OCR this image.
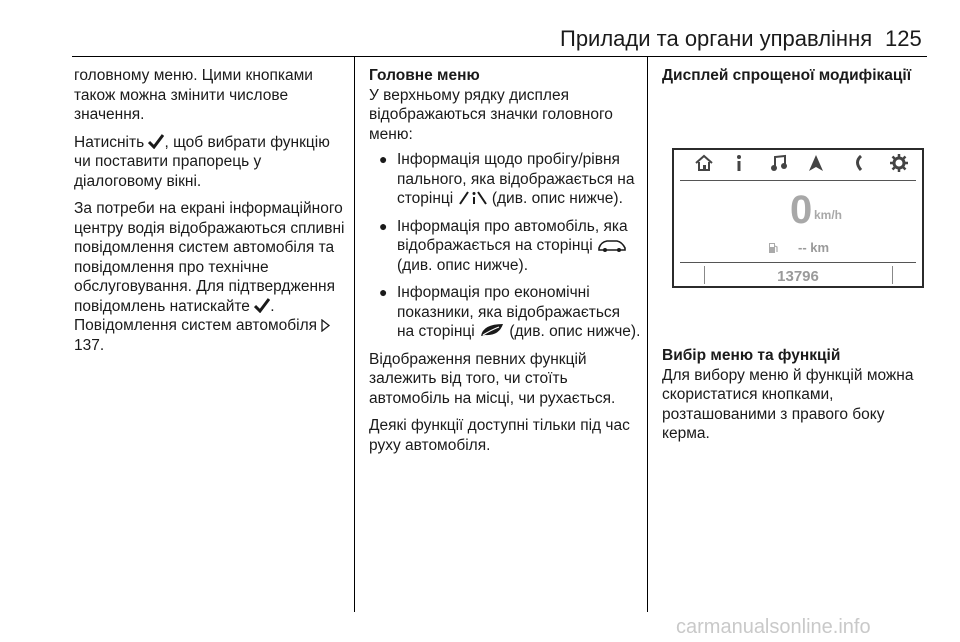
Прилади та органи управління 125

головному меню. Цими кнопками також можна змінити числове значення.

Натисніть , щоб вибрати функцію чи поставити прапорець у діалоговому вікні.

За потреби на екрані інформаційного центру водія відображаються спливні повідомлення систем автомобіля та повідомлення про технічне обслуговування. Для підтвердження повідомлень натискайте . Повідомлення систем автомобіля  137.

Головне меню

У верхньому рядку дисплея відображаються значки головного меню:

● Інформація щодо пробігу/рівня пального, яка відображається на сторінці  (див. опис нижче).
● Інформація про автомобіль, яка відображається на сторінці  (див. опис нижче).
● Інформація про економічні показники, яка відображається на сторінці  (див. опис нижче).

Відображення певних функцій залежить від того, чи стоїть автомобіль на місці, чи рухається.

Деякі функції доступні тільки під час руху автомобіля.

Дисплей спрощеної модифікації
0 km/h
-- km
13796
Вибір меню та функцій

Для вибору меню й функцій можна скористатися кнопками, розташованими з правого боку керма.

carmanualsonline.info
